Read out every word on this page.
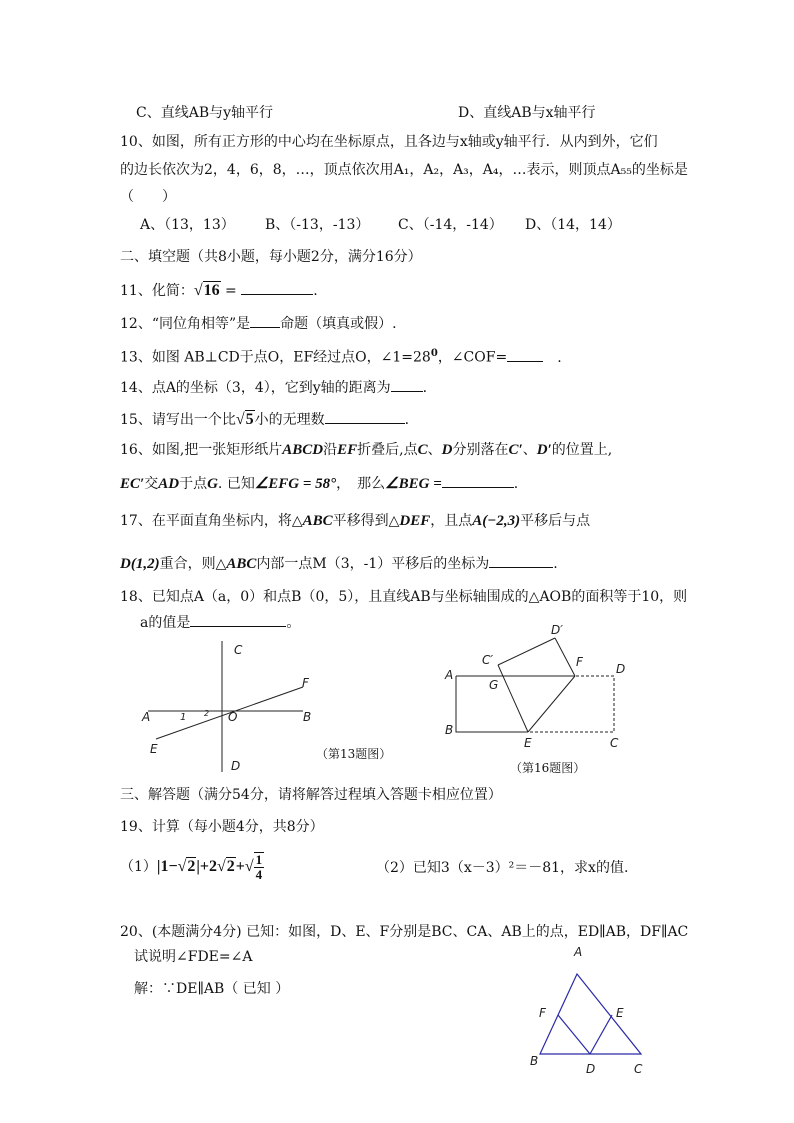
C、直线AB与y轴平行	D、直线AB与x轴平行
10、如图，所有正方形的中心均在坐标原点，且各边与x轴或y轴平行．从内到外，它们
的边长依次为2，4，6，8，…，顶点依次用A₁，A₂，A₃，A₄，…表示，则顶点A₅₅的坐标是
（　　）
A、（13，13） B、（-13，-13） C、（-14，-14） D、（14，14）
二、填空题（共8小题，每小题2分，满分16分）
11、化简：√16 =	.
12、“同位角相等”是 命题（填真或假）.
13、如图 AB⊥CD于点O，EF经过点O，$\angle 1=28^0$，∠COF=	.
14、点A的坐标（3，4），它到y轴的距离为 .
15、请写出一个比√5小的无理数	.
16、如图,把一张矩形纸片ABCD沿EF折叠后,点C、D分别落在C′、D′的位置上,
EC′交AD于点G. 已知∠EFG = 58°，　那么∠BEG =	.
17、在平面直角坐标内，将△ABC平移得到△DEF，且点A(−2,3)平移后与点
D(1,2)重合，则△ABC内部一点M（3，-1）平移后的坐标为	.
18、已知点A（a，0）和点B（0，5），且直线AB与坐标轴围成的△AOB的面积等于10，则
a的值是	。
C
F
A	1 2 O	B
E
D
（第13题图）
D′
C′	F	D
A
G
B
E	C
（第16题图）
三、解答题（满分54分，请将解答过程填入答题卡相应位置）
19、计算（每小题4分，共8分）
$(1)|1-√2|+2√2+√ \frac{1}{4}$	（2）已知3（x－3）²＝－81，求x的值.
20、(本题满分4分) 已知：如图，D、E、F分别是BC、CA、AB上的点，ED∥AB，DF∥AC
试说明∠FDE=∠A
解：∵DE∥AB（ 已知 ）
A
F	E
B
D	C
